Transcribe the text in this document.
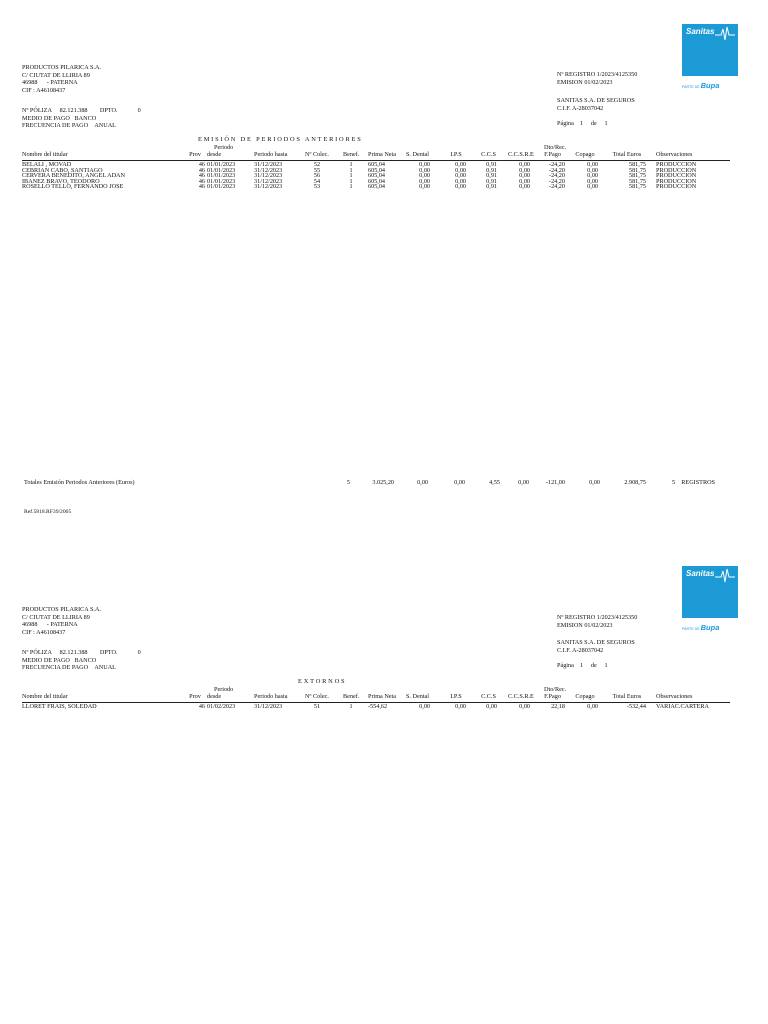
Sanitas
PARTE DE Bupa
PRODUCTOS PILARICA S.A.
C/ CIUTAT DE LLIRIA 89
46988 - PATERNA
CIF : A46108437
Nº PÓLIZA 82.121.388 DPTO.	0
MEDIO DE PAGO BANCO
FRECUENCIA DE PAGO ANUAL
Nº REGISTRO 1/2023/4125350
EMISION 01/02/2023
SANITAS S.A. DE SEGUROS
C.I.F. A-28037042
Página 1 de 1
EMISIÓN DE PERIODOS ANTERIORES
Periodo	Dto/Rec.
Nombre del titular	Prov desde	Periodo hasta	Nº Colec. Benef. Prima Neta S. Dental	I.P.S	C.C.S C.C.S.R.E	F.Pago	Copago	Total Euros	Observaciones
BELALI , MOVAD	46 01/01/2023	31/12/2023	52	1	605,04	0,00	0,00	0,91	0,00	-24,20	0,00	581,75 PRODUCCION
CEBRIAN CABO, SANTIAGO	46 01/01/2023	31/12/2023	55	1	605,04	0,00	0,00	0,91	0,00	-24,20	0,00	581,75 PRODUCCION
CERVERA BENEDITO, ANGEL ADAN	46 01/01/2023	31/12/2023	56	1	605,04	0,00	0,00	0,91	0,00	-24,20	0,00	581,75 PRODUCCION
IBANEZ BRAVO, TEODORO	46 01/01/2023	31/12/2023	54	1	605,04	0,00	0,00	0,91	0,00	-24,20	0,00	581,75 PRODUCCION
ROSELLO TELLO, FERNANDO JOSE	46 01/01/2023	31/12/2023	53	1	605,04	0,00	0,00	0,91	0,00	-24,20	0,00	581,75 PRODUCCION
Totales Emisión Periodos Anteriores (Euros)	5	3.025,20	0,00	0,00	4,55	0,00	-121,00	0,00	2.908,75	5 REGISTROS
Ref.5818.RF39/2005
Sanitas
PARTE DE Bupa
PRODUCTOS PILARICA S.A.
C/ CIUTAT DE LLIRIA 89
46988 - PATERNA
CIF : A46108437
Nº PÓLIZA 82.121.388 DPTO.	0
MEDIO DE PAGO BANCO
FRECUENCIA DE PAGO ANUAL
Nº REGISTRO 1/2023/4125350
EMISION 01/02/2023
SANITAS S.A. DE SEGUROS
C.I.F. A-28037042
Página 1 de 1
EXTORNOS
Periodo	Dto/Rec.
Nombre del titular	Prov desde	Periodo hasta	Nº Colec. Benef. Prima Neta S. Dental	I.P.S	C.C.S C.C.S.R.E	F.Pago	Copago	Total Euros	Observaciones
LLORET FRAIS, SOLEDAD	46 01/02/2023	31/12/2023	51	1	-554,62	0,00	0,00	0,00	0,00	22,18	0,00	-532,44 VARIAC.CARTERA
